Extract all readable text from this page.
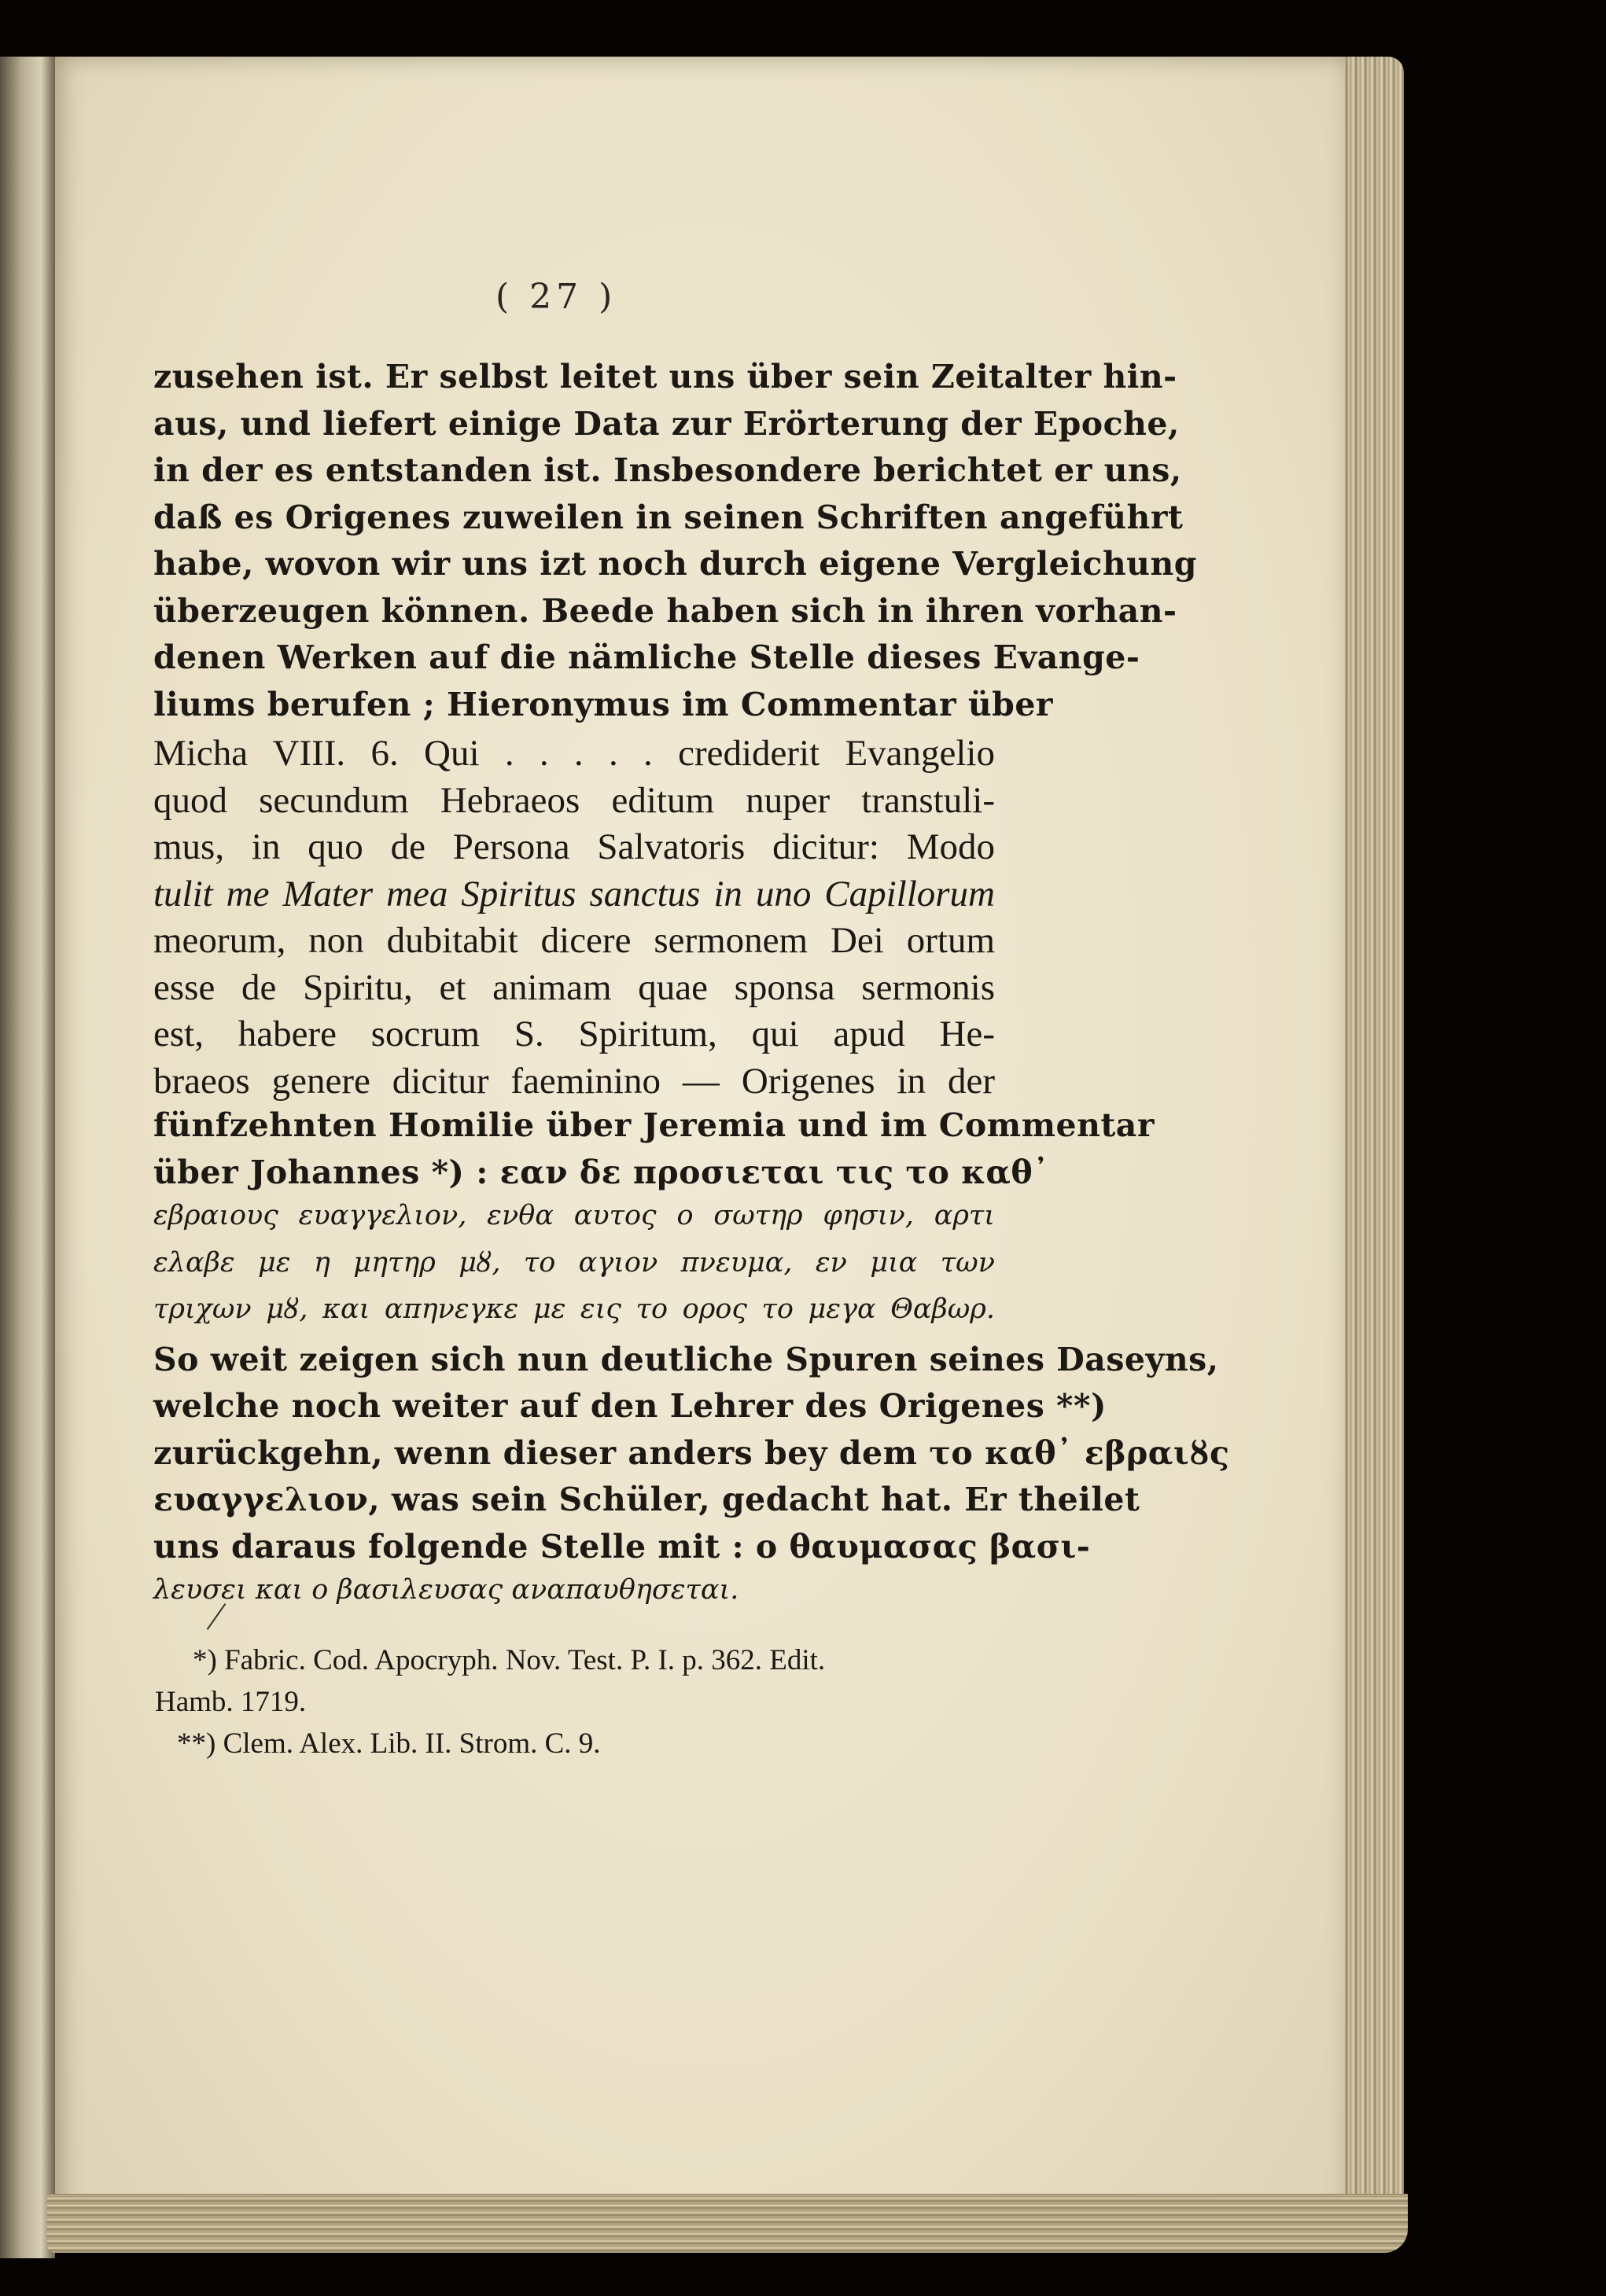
( 27 )
zusehen ist. Er selbst leitet uns über sein Zeitalter hin-
aus, und liefert einige Data zur Erörterung der Epoche,
in der es entstanden ist. Insbesondere berichtet er uns,
daß es Origenes zuweilen in seinen Schriften angeführt
habe, wovon wir uns izt noch durch eigene Vergleichung
überzeugen können. Beede haben sich in ihren vorhan-
denen Werken auf die nämliche Stelle dieses Evange-
liums berufen ; Hieronymus im Commentar über
Micha VIII. 6. Qui . . . . . crediderit Evangelio
quod secundum Hebraeos editum nuper transtuli-
mus, in quo de Persona Salvatoris dicitur: Modo
tulit me Mater mea Spiritus sanctus in uno Capillorum
meorum, non dubitabit dicere sermonem Dei ortum
esse de Spiritu, et animam quae sponsa sermonis
est, habere socrum S. Spiritum, qui apud He-
braeos genere dicitur faeminino — Origenes in der
fünfzehnten Homilie über Jeremia und im Commentar
über Johannes *) : εαν δε προσιεται τις το καθ᾽
εβραιους ευαγγελιον, ενθα αυτος ο σωτηρ φησιν, αρτι
ελαβε με η μητηρ μȣ, το αγιον πνευμα, εν μια των
τριχων μȣ, και απηνεγκε με εις το ορος το μεγα Θαβωρ.
So weit zeigen sich nun deutliche Spuren seines Daseyns,
welche noch weiter auf den Lehrer des Origenes **)
zurückgehn, wenn dieser anders bey dem το καθ᾽ εβραιȣς
ευαγγελιον, was sein Schüler, gedacht hat. Er theilet
uns daraus folgende Stelle mit : ο θαυμασας βασι-
λευσει και ο βασιλευσας αναπαυθησεται.
*) Fabric. Cod. Apocryph. Nov. Test. P. I. p. 362. Edit.
Hamb. 1719.
**) Clem. Alex. Lib. II. Strom. C. 9.
